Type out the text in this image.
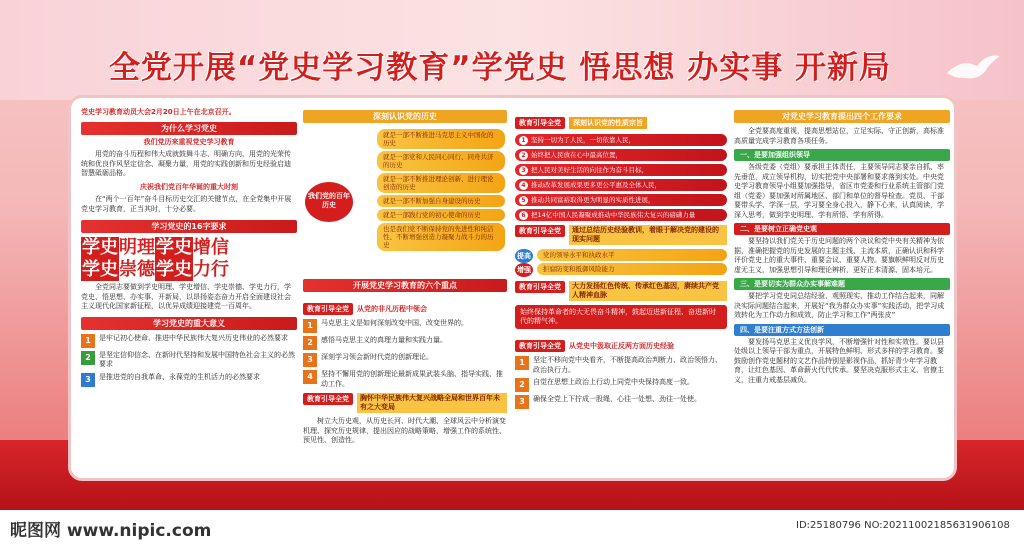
全党开展“党史学习教育”学党史 悟思想 办实事 开新局
党史学习教育动员大会2月20日上午在北京召开。
为什么学习党史
我们党历来重视党史学习教育
用党的奋斗历程和伟大成就鼓舞斗志、明确方向，用党的光荣传统和优良作风坚定信念、凝聚力量，用党的实践创新和历史经验启迪智慧砥砺品格。
庆祝我们党百年华诞的重大时刻
在“两个一百年”奋斗目标历史交汇的关键节点，在全党集中开展党史学习教育，正当其时，十分必要。
学习党史的16字要求
学史明理学史增信
学史崇德学史力行
全党同志要做到学史明理、学史增信、学史崇德、学史力行，学党史、悟思想、办实事、开新局，以昂扬姿态奋力开启全面建设社会主义现代化国家新征程，以优异成绩迎接建党一百周年。
学习党史的重大意义
1	是牢记初心使命、推进中华民族伟大复兴历史伟业的必然要求
2	是坚定信仰信念、在新时代坚持和发展中国特色社会主义的必然要求
3	是推进党的自我革命、永葆党的生机活力的必然要求
深刻认识党的历史
我们党的百年历史
就是一部不断推进马克思主义中国化的历史
就是一部党和人民同心同行、同舟共济的历史
就是一部不断推进理论创新、进行理论创造的历史
就是一部不断加强自身建设的历史
就是一部践行党的初心使命的历史
也是我们党不断保持党的先进性和纯洁性、不断增强创造力凝聚力战斗力的历史
开展党史学习教育的六个重点
教育引导全党 从党的非凡历程中领会
1	马克思主义是如何深刻改变中国、改变世界的。
2	感悟马克思主义的真理力量和实践力量。
3	深刻学习领会新时代党的创新理论。
4	坚持不懈用党的创新理论最新成果武装头脑、指导实践、推动工作。
教育引导全党	胸怀中华民族伟大复兴战略全局和世界百年未有之大变局
树立大历史观，从历史长河、时代大潮、全球风云中分析演变机理、探究历史规律，提出因应的战略策略，增强工作的系统性、预见性、创造性。
教育引导全党 深刻认识党的性质宗旨
1 坚持一切为了人民，一切依靠人民，
2 始终把人民放在心中最高位置，
3 把人民对美好生活的向往作为奋斗目标，
4 推动改革发展成果更多更公平惠及全体人民，
5 推动共同富裕取得更为明显的实质性进展，
6 把14亿中国人民凝聚成推动中华民族伟大复兴的磅礴力量
教育引导全党	通过总结历史经验教训，着眼于解决党的建设的现实问题
提高	党的领导水平和执政水平
增强	拒腐防变和抵御风险能力
教育引导全党	大力发扬红色传统、传承红色基因，赓续共产党人精神血脉
始终保持革命者的大无畏奋斗精神，鼓起迈进新征程、奋进新时代的精气神。
教育引导全党 从党史中汲取正反两方面历史经验
1	坚定不移向党中央看齐，不断提高政治判断力、政治领悟力、政治执行力。
2	自觉在思想上政治上行动上同党中央保持高度一致。
3	确保全党上下拧成一股绳，心往一处想、劲往一处使。
对党史学习教育提出四个工作要求
全党要高度重视，提高思想站位，立足实际、守正创新，高标准高质量完成学习教育各项任务。
一、是要加强组织领导
各级党委（党组）要承担主体责任，主要领导同志要亲自抓、率先垂范，成立领导机构，切实把党中央部署和要求落到实处。中央党史学习教育领导小组要加强指导，省区市党委和行业系统主管部门党组（党委）要加强对所属地区、部门和单位的督导检查。党员、干部要带头学、学深一层，学习要全身心投入，静下心来，认真阅读，学深入思考，做到学史明理、学有所悟、学有所得。
二、是要树立正确党史观
要坚持以我们党关于历史问题的两个决议和党中央有关精神为依据，准确把握党的历史发展的主题主线、主流本质，正确认识和科学评价党史上的重大事件、重要会议、重要人物。要旗帜鲜明反对历史虚无主义，加强思想引导和理论辨析，更好正本清源、固本培元。
三、是要切实为群众办实事解难题
要把学习党史同总结经验、观照现实、推动工作结合起来，同解决实际问题结合起来，开展好“我为群众办实事”实践活动，把学习成效转化为工作动力和成效，防止学习和工作“两张皮”
四、是要注重方式方法创新
要发扬马克思主义优良学风，不断增强针对性和实效性。要以县处级以上领导干部为重点，开展特色鲜明、形式多样的学习教育。要鼓励创作党史题材的文艺作品特别是影视作品，抓好青少年学习教育，让红色基因、革命薪火代代传承。要坚决克服形式主义、官僚主义，注重力戒基层减负。
昵图网 www.nipic.com	ID:25180796 NO:20211002185631906108
